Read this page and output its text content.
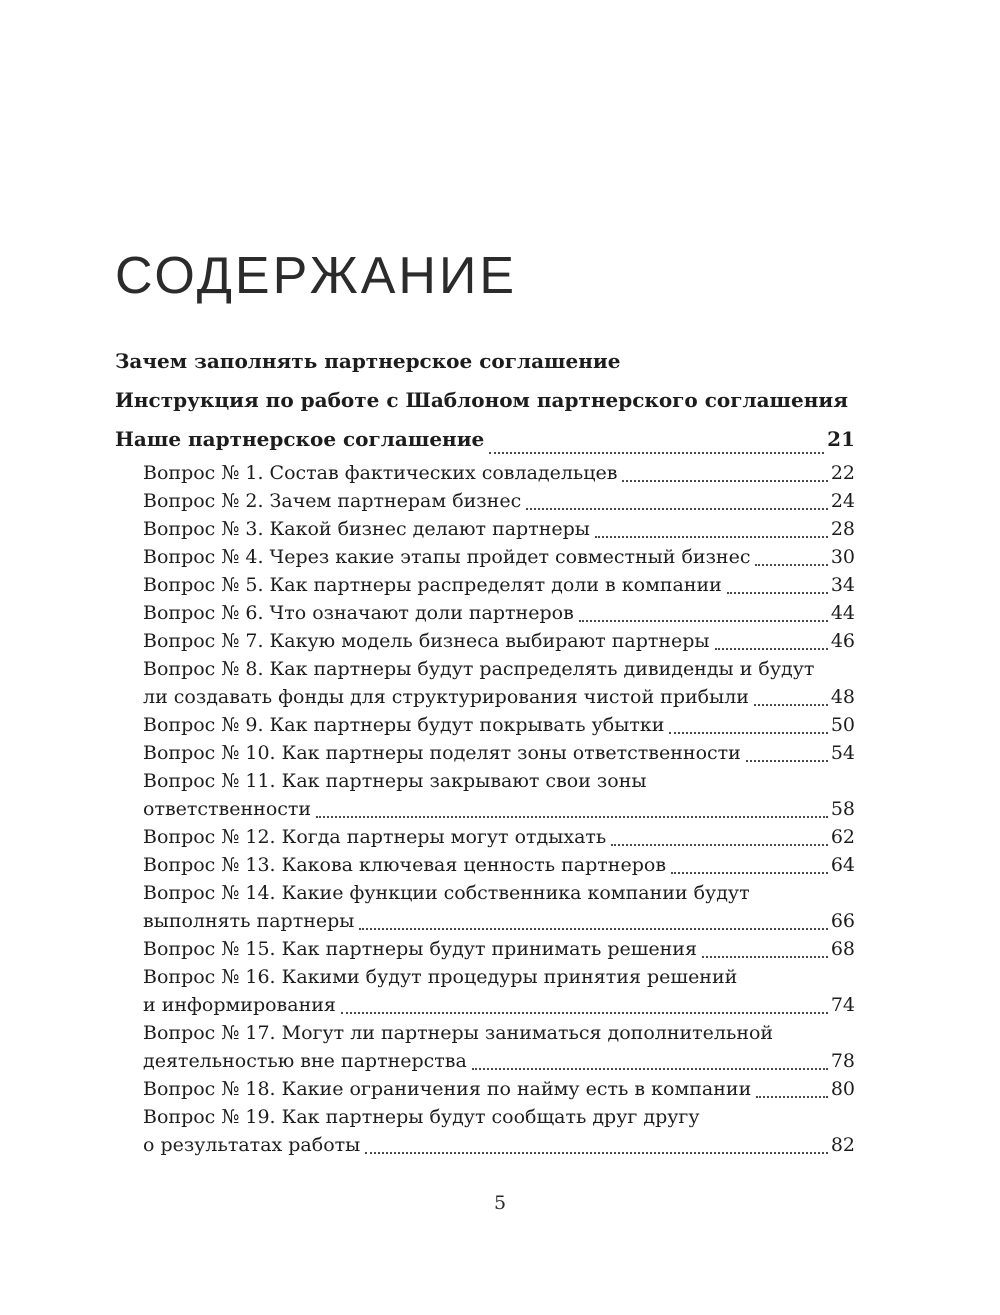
СОДЕРЖАНИЕ
Зачем заполнять партнерское соглашение
Инструкция по работе с Шаблоном партнерского соглашения
Наше партнерское соглашение	21
Вопрос № 1. Состав фактических совладельцев	22
Вопрос № 2. Зачем партнерам бизнес	24
Вопрос № 3. Какой бизнес делают партнеры	28
Вопрос № 4. Через какие этапы пройдет совместный бизнес	30
Вопрос № 5. Как партнеры распределят доли в компании	34
Вопрос № 6. Что означают доли партнеров	44
Вопрос № 7. Какую модель бизнеса выбирают партнеры	46
Вопрос № 8. Как партнеры будут распределять дивиденды и будут
ли создавать фонды для структурирования чистой прибыли	48
Вопрос № 9. Как партнеры будут покрывать убытки	50
Вопрос № 10. Как партнеры поделят зоны ответственности	54
Вопрос № 11. Как партнеры закрывают свои зоны
ответственности	58
Вопрос № 12. Когда партнеры могут отдыхать	62
Вопрос № 13. Какова ключевая ценность партнеров	64
Вопрос № 14. Какие функции собственника компании будут
выполнять партнеры	66
Вопрос № 15. Как партнеры будут принимать решения	68
Вопрос № 16. Какими будут процедуры принятия решений
и информирования	74
Вопрос № 17. Могут ли партнеры заниматься дополнительной
деятельностью вне партнерства	78
Вопрос № 18. Какие ограничения по найму есть в компании	80
Вопрос № 19. Как партнеры будут сообщать друг другу
о результатах работы	82
5
